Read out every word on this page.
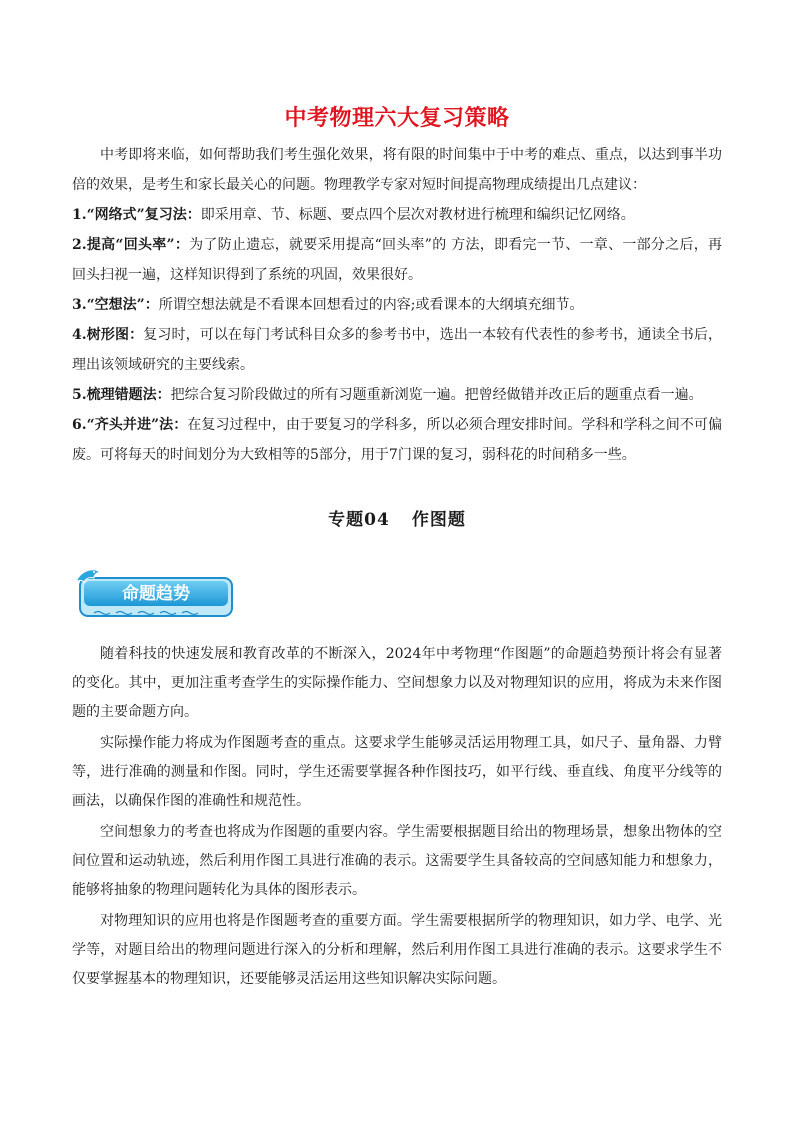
中考物理六大复习策略
中考即将来临，如何帮助我们考生强化效果，将有限的时间集中于中考的难点、重点，以达到事半功倍的效果，是考生和家长最关心的问题。物理教学专家对短时间提高物理成绩提出几点建议：
1.“网络式”复习法：即采用章、节、标题、要点四个层次对教材进行梳理和编织记忆网络。
2.提高“回头率”：为了防止遗忘，就要采用提高“回头率”的 方法，即看完一节、一章、一部分之后，再回头扫视一遍，这样知识得到了系统的巩固，效果很好。
3.“空想法”：所谓空想法就是不看课本回想看过的内容;或看课本的大纲填充细节。
4.树形图：复习时，可以在每门考试科目众多的参考书中，选出一本较有代表性的参考书，通读全书后，理出该领域研究的主要线索。
5.梳理错题法：把综合复习阶段做过的所有习题重新浏览一遍。把曾经做错并改正后的题重点看一遍。
6.“齐头并进”法：在复习过程中，由于要复习的学科多，所以必须合理安排时间。学科和学科之间不可偏废。可将每天的时间划分为大致相等的5部分，用于7门课的复习，弱科花的时间稍多一些。
专题04 作图题
命题趋势

随着科技的快速发展和教育改革的不断深入，2024年中考物理“作图题”的命题趋势预计将会有显著的变化。其中，更加注重考查学生的实际操作能力、空间想象力以及对物理知识的应用，将成为未来作图题的主要命题方向。

实际操作能力将成为作图题考查的重点。这要求学生能够灵活运用物理工具，如尺子、量角器、力臂等，进行准确的测量和作图。同时，学生还需要掌握各种作图技巧，如平行线、垂直线、角度平分线等的画法，以确保作图的准确性和规范性。

空间想象力的考查也将成为作图题的重要内容。学生需要根据题目给出的物理场景，想象出物体的空间位置和运动轨迹，然后利用作图工具进行准确的表示。这需要学生具备较高的空间感知能力和想象力，能够将抽象的物理问题转化为具体的图形表示。

对物理知识的应用也将是作图题考查的重要方面。学生需要根据所学的物理知识，如力学、电学、光学等，对题目给出的物理问题进行深入的分析和理解，然后利用作图工具进行准确的表示。这要求学生不仅要掌握基本的物理知识，还要能够灵活运用这些知识解决实际问题。
